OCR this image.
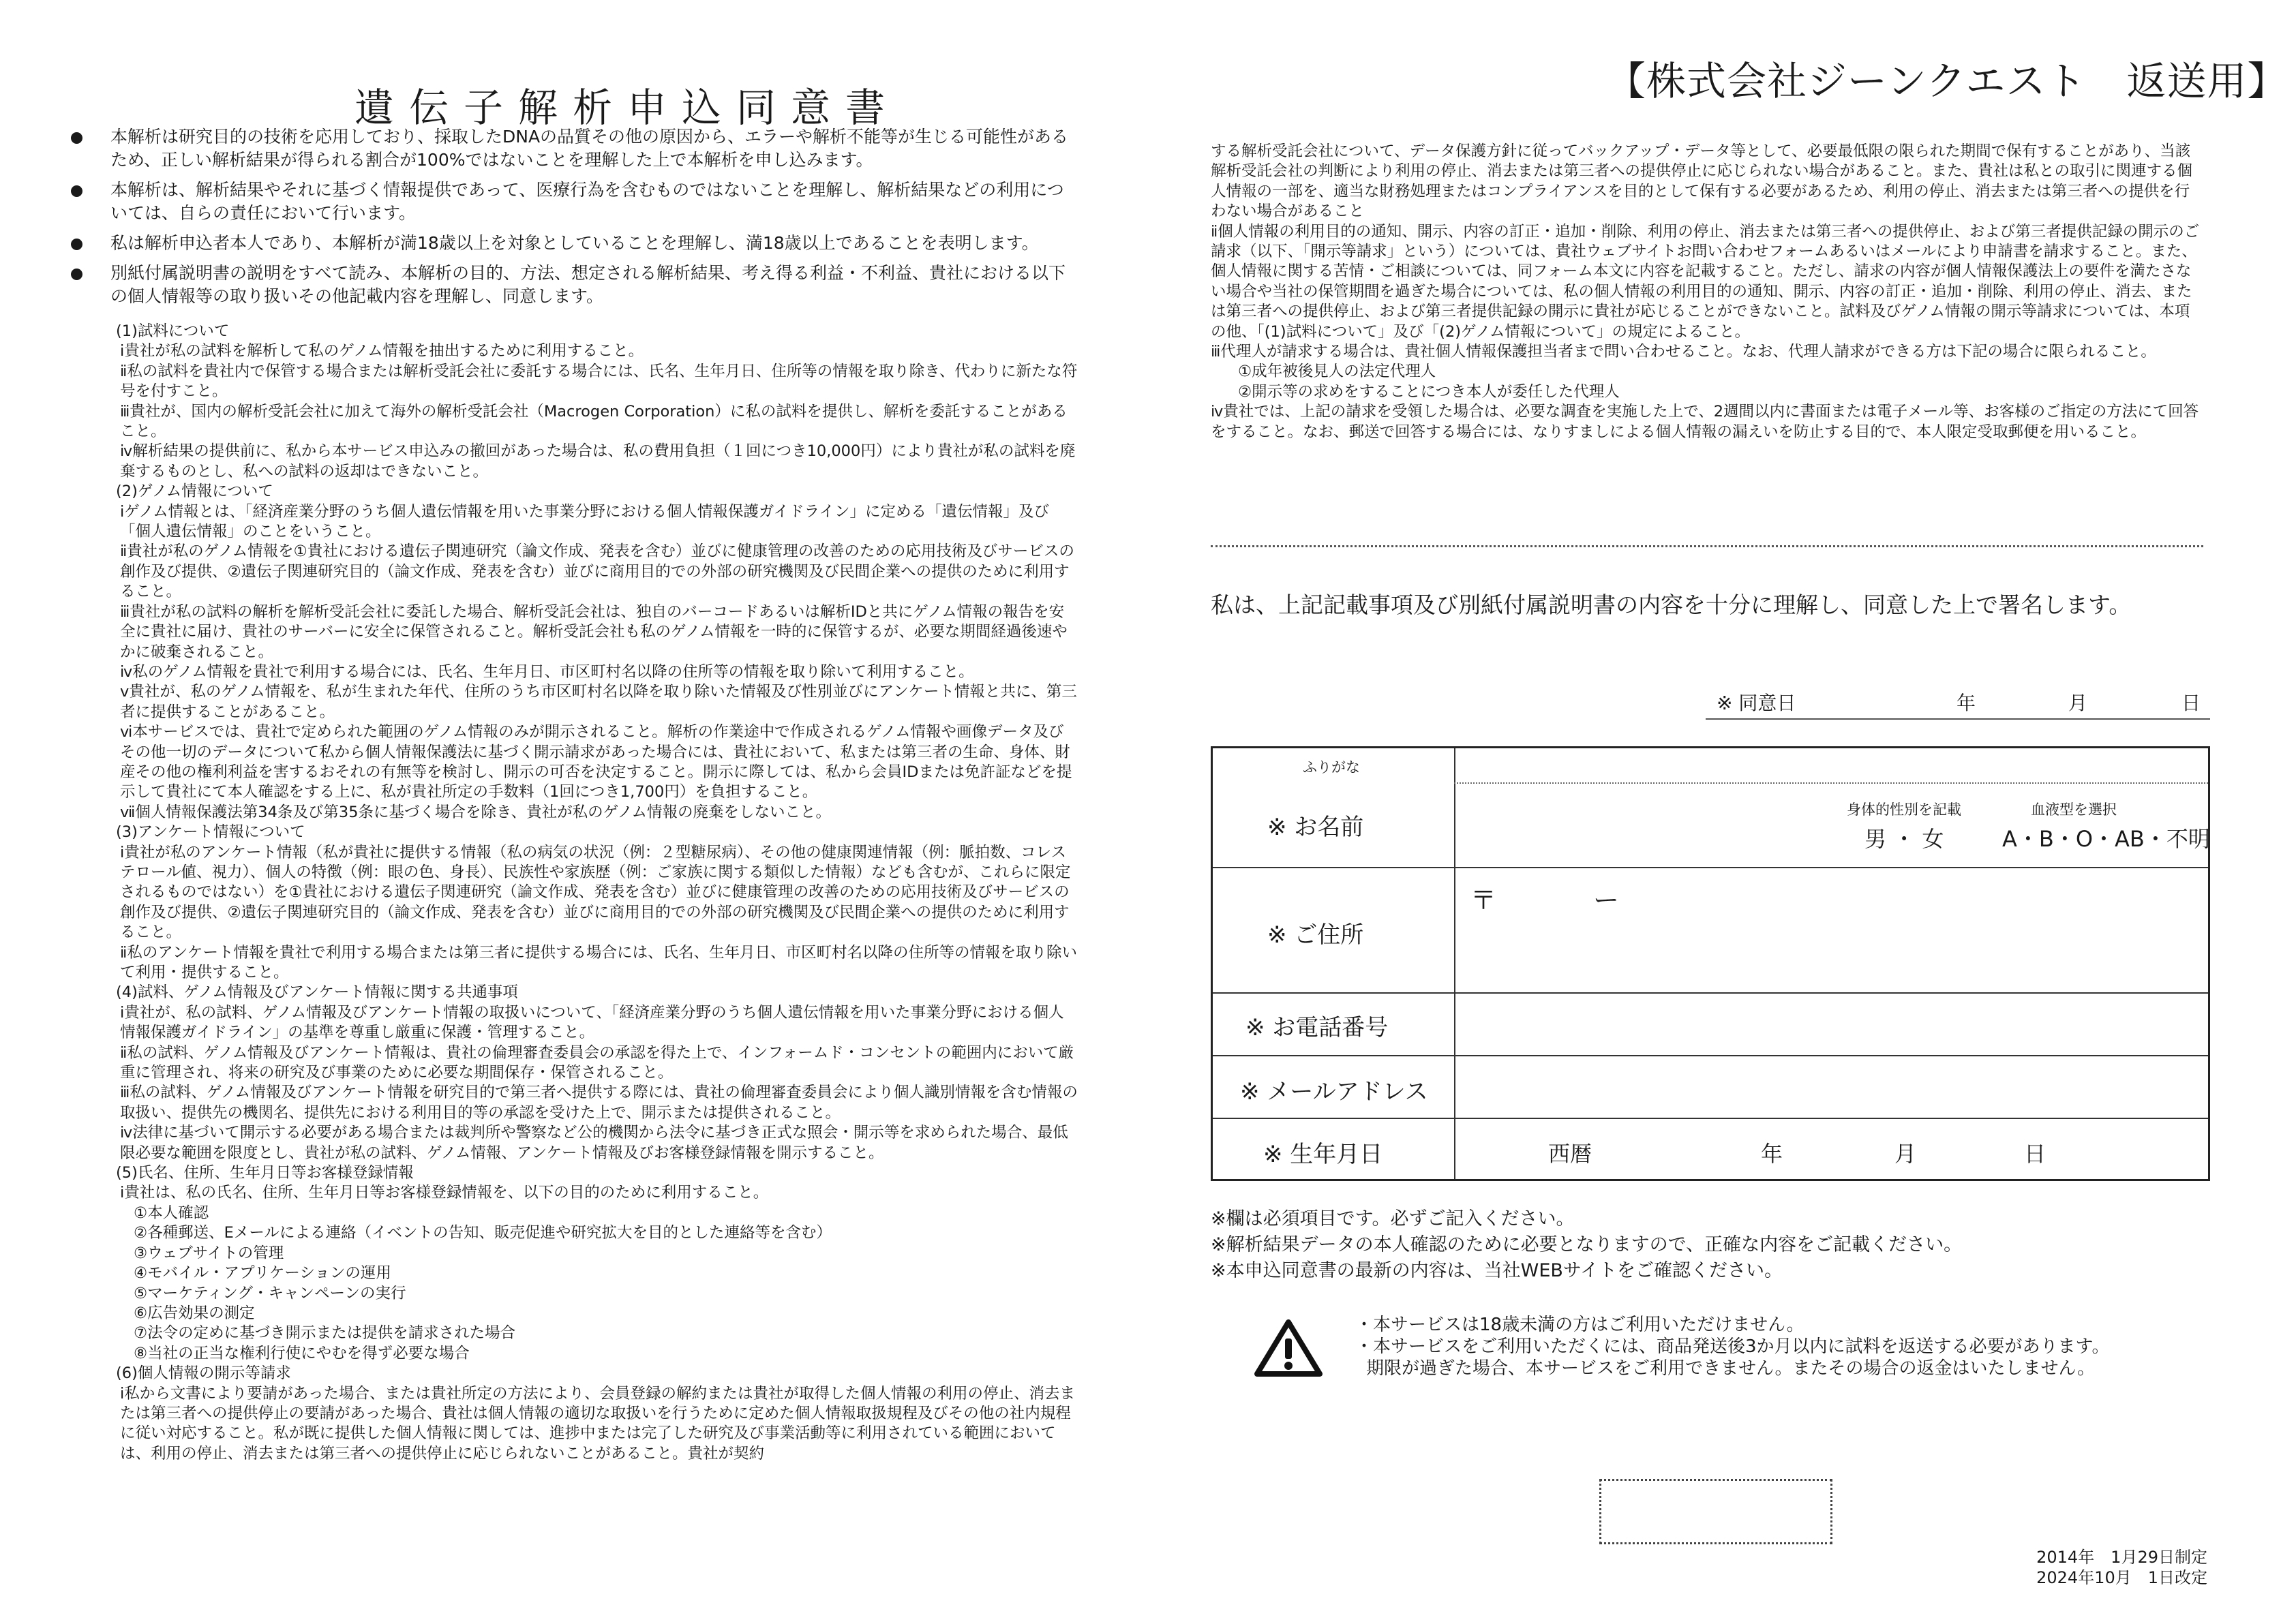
遺伝子解析申込同意書
本解析は研究目的の技術を応用しており、採取したDNAの品質その他の原因から、エラーや解析不能等が生じる可能性があるため、正しい解析結果が得られる割合が100%ではないことを理解した上で本解析を申し込みます。
本解析は、解析結果やそれに基づく情報提供であって、医療行為を含むものではないことを理解し、解析結果などの利用については、自らの責任において行います。
私は解析申込者本人であり、本解析が満18歳以上を対象としていることを理解し、満18歳以上であることを表明します。
別紙付属説明書の説明をすべて読み、本解析の目的、方法、想定される解析結果、考え得る利益・不利益、貴社における以下の個人情報等の取り扱いその他記載内容を理解し、同意します。

(1)試料について

ⅰ貴社が私の試料を解析して私のゲノム情報を抽出するために利用すること。

ⅱ私の試料を貴社内で保管する場合または解析受託会社に委託する場合には、氏名、生年月日、住所等の情報を取り除き、代わりに新たな符号を付すこと。

ⅲ貴社が、国内の解析受託会社に加えて海外の解析受託会社（Macrogen Corporation）に私の試料を提供し、解析を委託することがあること。

ⅳ解析結果の提供前に、私から本サービス申込みの撤回があった場合は、私の費用負担（１回につき10,000円）により貴社が私の試料を廃棄するものとし、私への試料の返却はできないこと。

(2)ゲノム情報について

ⅰゲノム情報とは、「経済産業分野のうち個人遺伝情報を用いた事業分野における個人情報保護ガイドライン」に定める「遺伝情報」及び「個人遺伝情報」のことをいうこと。

ⅱ貴社が私のゲノム情報を①貴社における遺伝子関連研究（論文作成、発表を含む）並びに健康管理の改善のための応用技術及びサービスの創作及び提供、②遺伝子関連研究目的（論文作成、発表を含む）並びに商用目的での外部の研究機関及び民間企業への提供のために利用すること。

ⅲ貴社が私の試料の解析を解析受託会社に委託した場合、解析受託会社は、独自のバーコードあるいは解析IDと共にゲノム情報の報告を安全に貴社に届け、貴社のサーバーに安全に保管されること。解析受託会社も私のゲノム情報を一時的に保管するが、必要な期間経過後速やかに破棄されること。

ⅳ私のゲノム情報を貴社で利用する場合には、氏名、生年月日、市区町村名以降の住所等の情報を取り除いて利用すること。

ⅴ貴社が、私のゲノム情報を、私が生まれた年代、住所のうち市区町村名以降を取り除いた情報及び性別並びにアンケート情報と共に、第三者に提供することがあること。

ⅵ本サービスでは、貴社で定められた範囲のゲノム情報のみが開示されること。解析の作業途中で作成されるゲノム情報や画像データ及びその他一切のデータについて私から個人情報保護法に基づく開示請求があった場合には、貴社において、私または第三者の生命、身体、財産その他の権利利益を害するおそれの有無等を検討し、開示の可否を決定すること。開示に際しては、私から会員IDまたは免許証などを提示して貴社にて本人確認をする上に、私が貴社所定の手数料（1回につき1,700円）を負担すること。

ⅶ個人情報保護法第34条及び第35条に基づく場合を除き、貴社が私のゲノム情報の廃棄をしないこと。

(3)アンケート情報について

ⅰ貴社が私のアンケート情報（私が貴社に提供する情報（私の病気の状況（例：２型糖尿病）、その他の健康関連情報（例：脈拍数、コレステロール値、視力）、個人の特徴（例：眼の色、身長）、民族性や家族歴（例：ご家族に関する類似した情報）なども含むが、これらに限定されるものではない）を①貴社における遺伝子関連研究（論文作成、発表を含む）並びに健康管理の改善のための応用技術及びサービスの創作及び提供、②遺伝子関連研究目的（論文作成、発表を含む）並びに商用目的での外部の研究機関及び民間企業への提供のために利用すること。

ⅱ私のアンケート情報を貴社で利用する場合または第三者に提供する場合には、氏名、生年月日、市区町村名以降の住所等の情報を取り除いて利用・提供すること。

(4)試料、ゲノム情報及びアンケート情報に関する共通事項

ⅰ貴社が、私の試料、ゲノム情報及びアンケート情報の取扱いについて、「経済産業分野のうち個人遺伝情報を用いた事業分野における個人情報保護ガイドライン」の基準を尊重し厳重に保護・管理すること。

ⅱ私の試料、ゲノム情報及びアンケート情報は、貴社の倫理審査委員会の承認を得た上で、インフォームド・コンセントの範囲内において厳重に管理され、将来の研究及び事業のために必要な期間保存・保管されること。

ⅲ私の試料、ゲノム情報及びアンケート情報を研究目的で第三者へ提供する際には、貴社の倫理審査委員会により個人識別情報を含む情報の取扱い、提供先の機関名、提供先における利用目的等の承認を受けた上で、開示または提供されること。

ⅳ法律に基づいて開示する必要がある場合または裁判所や警察など公的機関から法令に基づき正式な照会・開示等を求められた場合、最低限必要な範囲を限度とし、貴社が私の試料、ゲノム情報、アンケート情報及びお客様登録情報を開示すること。

(5)氏名、住所、生年月日等お客様登録情報

ⅰ貴社は、私の氏名、住所、生年月日等お客様登録情報を、以下の目的のために利用すること。

①本人確認

②各種郵送、Eメールによる連絡（イベントの告知、販売促進や研究拡大を目的とした連絡等を含む）

③ウェブサイトの管理

④モバイル・アプリケーションの運用

⑤マーケティング・キャンペーンの実行

⑥広告効果の測定

⑦法令の定めに基づき開示または提供を請求された場合

⑧当社の正当な権利行使にやむを得ず必要な場合

(6)個人情報の開示等請求

ⅰ私から文書により要請があった場合、または貴社所定の方法により、会員登録の解約または貴社が取得した個人情報の利用の停止、消去または第三者への提供停止の要請があった場合、貴社は個人情報の適切な取扱いを行うために定めた個人情報取扱規程及びその他の社内規程に従い対応すること。私が既に提供した個人情報に関しては、進捗中または完了した研究及び事業活動等に利用されている範囲においては、利用の停止、消去または第三者への提供停止に応じられないことがあること。貴社が契約

【株式会社ジーンクエスト　返送用】

する解析受託会社について、データ保護方針に従ってバックアップ・データ等として、必要最低限の限られた期間で保有することがあり、当該解析受託会社の判断により利用の停止、消去または第三者への提供停止に応じられない場合があること。また、貴社は私との取引に関連する個人情報の一部を、適当な財務処理またはコンプライアンスを目的として保有する必要があるため、利用の停止、消去または第三者への提供を行わない場合があること

ⅱ個人情報の利用目的の通知、開示、内容の訂正・追加・削除、利用の停止、消去または第三者への提供停止、および第三者提供記録の開示のご請求（以下、「開示等請求」という）については、貴社ウェブサイトお問い合わせフォームあるいはメールにより申請書を請求すること。また、個人情報に関する苦情・ご相談については、同フォーム本文に内容を記載すること。ただし、請求の内容が個人情報保護法上の要件を満たさない場合や当社の保管期間を過ぎた場合については、私の個人情報の利用目的の通知、開示、内容の訂正・追加・削除、利用の停止、消去、または第三者への提供停止、および第三者提供記録の開示に貴社が応じることができないこと。試料及びゲノム情報の開示等請求については、本項の他、「(1)試料について」及び「(2)ゲノム情報について」の規定によること。

ⅲ代理人が請求する場合は、貴社個人情報保護担当者まで問い合わせること。なお、代理人請求ができる方は下記の場合に限られること。

①成年被後見人の法定代理人

②開示等の求めをすることにつき本人が委任した代理人

ⅳ貴社では、上記の請求を受領した場合は、必要な調査を実施した上で、2週間以内に書面または電子メール等、お客様のご指定の方法にて回答をすること。なお、郵送で回答する場合には、なりすましによる個人情報の漏えいを防止する目的で、本人限定受取郵便を用いること。

私は、上記記載事項及び別紙付属説明書の内容を十分に理解し、同意した上で署名します。
※ 同意日	年	月	日
ふりがな
※ お名前
身体的性別を記載
男 ・ 女
血液型を選択
A・B・O・AB・不明
※ ご住所
〒	ー
※ お電話番号
※ メールアドレス
※ 生年月日	西暦	年	月	日

※欄は必須項目です。必ずご記入ください。

※解析結果データの本人確認のために必要となりますので、正確な内容をご記載ください。

※本申込同意書の最新の内容は、当社WEBサイトをご確認ください。

・本サービスは18歳未満の方はご利用いただけません。

・本サービスをご利用いただくには、商品発送後3か月以内に試料を返送する必要があります。

期限が過ぎた場合、本サービスをご利用できません。またその場合の返金はいたしません。

2014年　1月29日制定

2024年10月　1日改定
